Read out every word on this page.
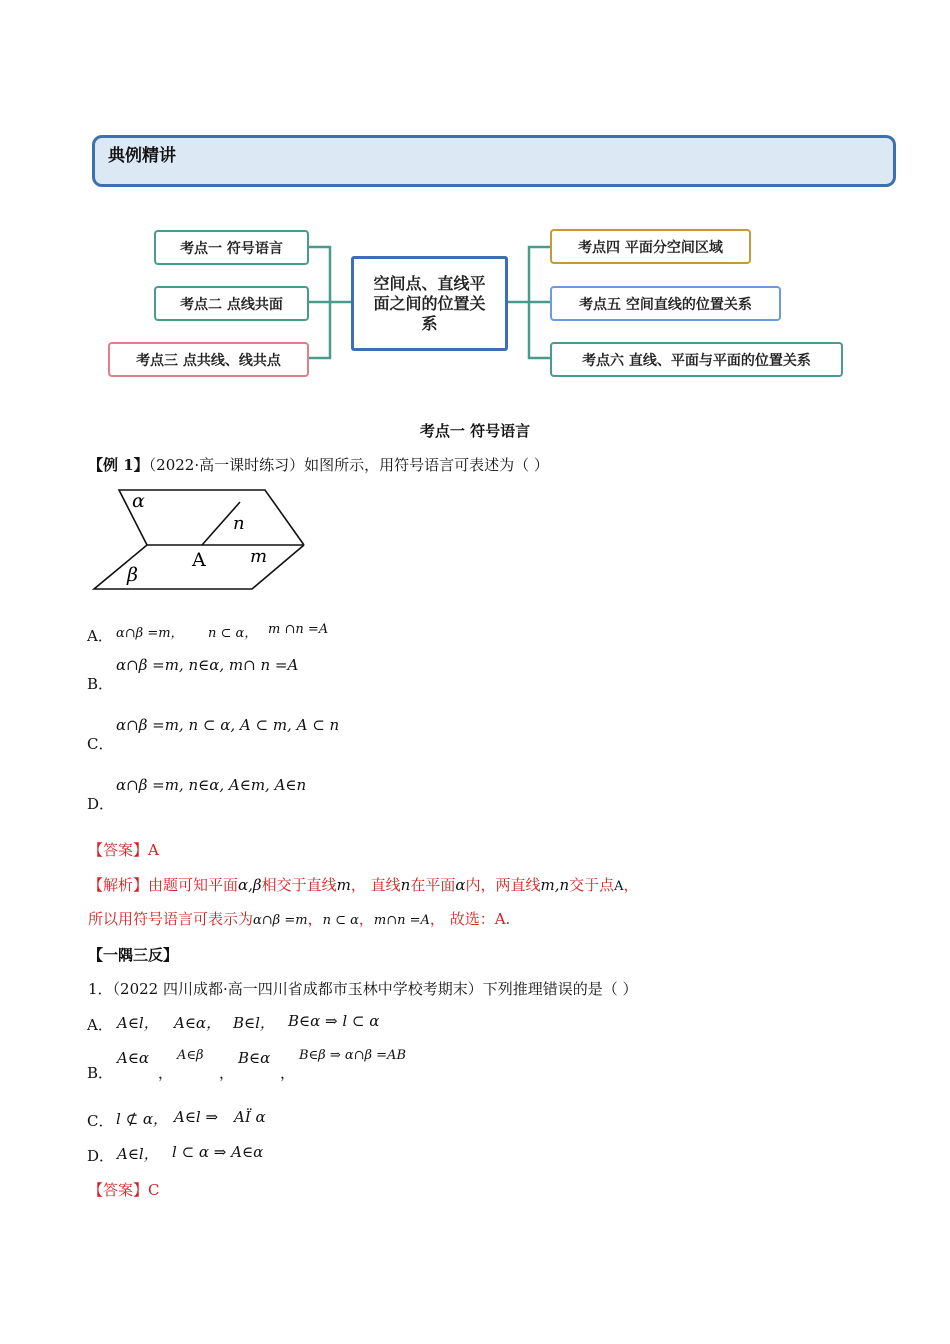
典例精讲
考点一 符号语言
考点二 点线共面
考点三 点共线、线共点
空间点、直线平面之间的位置关系
考点四 平面分空间区域
考点五 空间直线的位置关系
考点六 直线、平面与平面的位置关系
考点一 符号语言
【例 1】（2022·高一课时练习）如图所示，用符号语言可表述为（ ）
α
β
n
A m
A． α∩β =m， n ⊂ α， m ∩n =A
α∩β =m, n∈α, m∩ n =A
B．
α∩β =m, n ⊂ α, A ⊂ m, A ⊂ n
C．
α∩β =m, n∈α, A∈m, A∈n
D．
【答案】A
【解析】由题可知平面α,β相交于直线m， 直线n在平面α内，两直线m,n交于点A，
所以用符号语言可表示为α∩β =m，n ⊂ α，m∩n =A， 故选：A.
【一隅三反】
1．（2022 四川成都·高一四川省成都市玉林中学校考期末）下列推理错误的是（ ）
A． A∈l， A∈α， B∈l， B∈α ⇒ l ⊂ α
B．
A∈α
，
A∈β
，
B∈α
，
B∈β ⇒ α∩β =AB
C． l ⊄ α， A∈l ⇒ AÏ α
D． A∈l， l ⊂ α ⇒ A∈α
【答案】C
